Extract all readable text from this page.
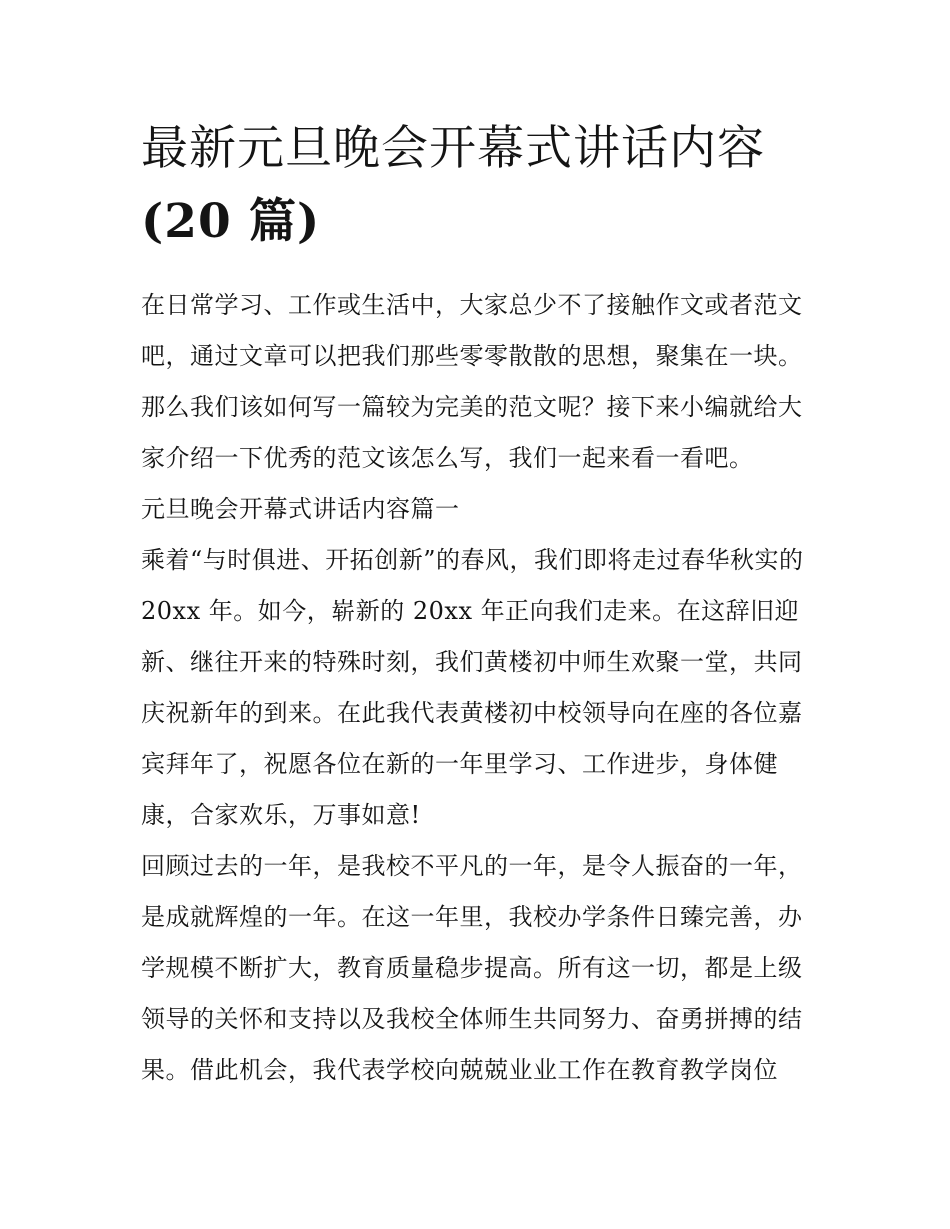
最新元旦晚会开幕式讲话内容
(20 篇)

在日常学习、工作或生活中，大家总少不了接触作文或者范文吧，通过文章可以把我们那些零零散散的思想，聚集在一块。那么我们该如何写一篇较为完美的范文呢？接下来小编就给大家介绍一下优秀的范文该怎么写，我们一起来看一看吧。

元旦晚会开幕式讲话内容篇一

乘着“与时俱进、开拓创新”的春风，我们即将走过春华秋实的20xx 年。如今，崭新的 20xx 年正向我们走来。在这辞旧迎新、继往开来的特殊时刻，我们黄楼初中师生欢聚一堂，共同庆祝新年的到来。在此我代表黄楼初中校领导向在座的各位嘉宾拜年了，祝愿各位在新的一年里学习、工作进步，身体健康，合家欢乐，万事如意!

回顾过去的一年，是我校不平凡的一年，是令人振奋的一年，是成就辉煌的一年。在这一年里，我校办学条件日臻完善，办学规模不断扩大，教育质量稳步提高。所有这一切，都是上级领导的关怀和支持以及我校全体师生共同努力、奋勇拼搏的结果。借此机会，我代表学校向兢兢业业工作在教育教学岗位
